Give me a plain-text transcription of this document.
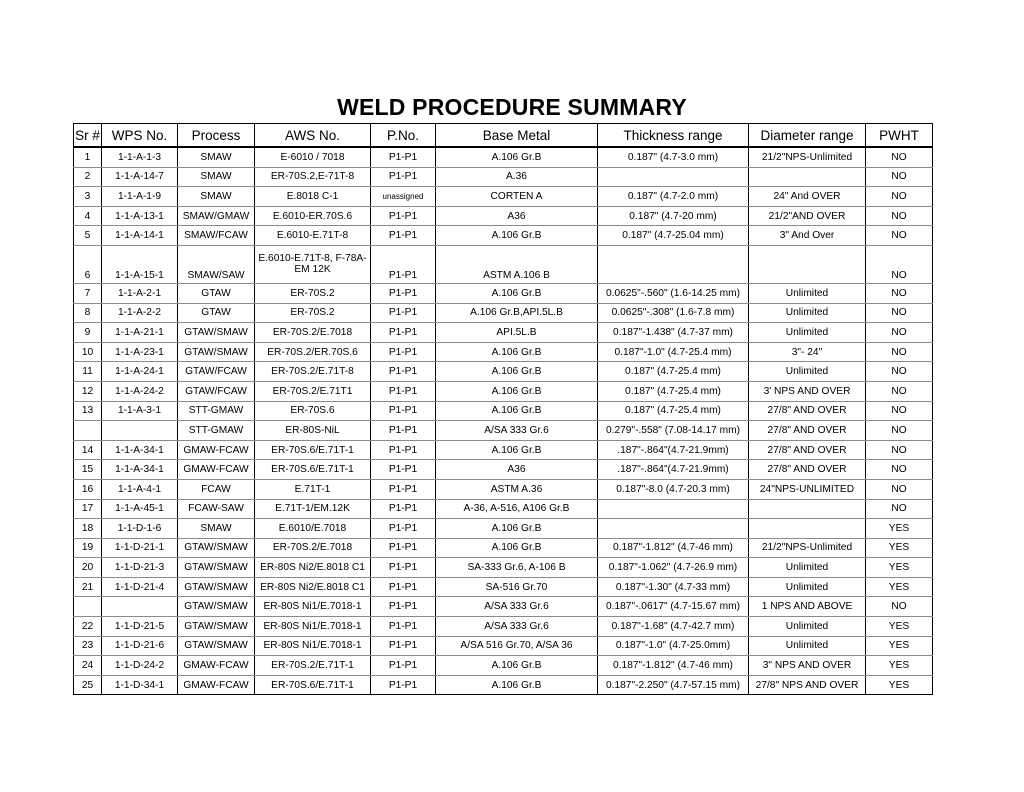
WELD PROCEDURE SUMMARY
Sr #	WPS No.	Process	AWS No.	P.No.	Base Metal	Thickness range	Diameter range	PWHT
1	1-1-A-1-3	SMAW	E-6010 / 7018	P1-P1	A.106 Gr.B	0.187" (4.7-3.0 mm)	21/2"NPS-Unlimited	NO
2	1-1-A-14-7	SMAW	ER-70S.2,E-71T-8	P1-P1	A.36			NO
3	1-1-A-1-9	SMAW	E.8018 C-1	unassigned	CORTEN A	0.187" (4.7-2.0 mm)	24" And OVER	NO
4	1-1-A-13-1	SMAW/GMAW	E.6010-ER.70S.6	P1-P1	A36	0.187" (4.7-20 mm)	21/2"AND OVER	NO
5	1-1-A-14-1	SMAW/FCAW	E.6010-E.71T-8	P1-P1	A.106 Gr.B	0.187" (4.7-25.04 mm)	3" And Over	NO
6	1-1-A-15-1	SMAW/SAW	E.6010-E.71T-8, F-78A-EM 12K	P1-P1	ASTM A.106 B			NO
7	1-1-A-2-1	GTAW	ER-70S.2	P1-P1	A.106 Gr.B	0.0625"-.560" (1.6-14.25 mm)	Unlimited	NO
8	1-1-A-2-2	GTAW	ER-70S.2	P1-P1	A.106 Gr.B,API.5L.B	0.0625"-.308" (1.6-7.8 mm)	Unlimited	NO
9	1-1-A-21-1	GTAW/SMAW	ER-70S.2/E.7018	P1-P1	API.5L.B	0.187"-1.438" (4.7-37 mm)	Unlimited	NO
10	1-1-A-23-1	GTAW/SMAW	ER-70S.2/ER.70S.6	P1-P1	A.106 Gr.B	0.187"-1.0" (4.7-25.4 mm)	3"- 24"	NO
11	1-1-A-24-1	GTAW/FCAW	ER-70S.2/E.71T-8	P1-P1	A.106 Gr.B	0.187" (4.7-25.4 mm)	Unlimited	NO
12	1-1-A-24-2	GTAW/FCAW	ER-70S.2/E.71T1	P1-P1	A.106 Gr.B	0.187" (4.7-25.4 mm)	3' NPS AND OVER	NO
13	1-1-A-3-1	STT-GMAW	ER-70S.6	P1-P1	A.106 Gr.B	0.187" (4.7-25.4 mm)	27/8" AND OVER	NO
		STT-GMAW	ER-80S-NiL	P1-P1	A/SA 333 Gr.6	0.279"-.558" (7.08-14.17 mm)	27/8" AND OVER	NO
14	1-1-A-34-1	GMAW-FCAW	ER-70S.6/E.71T-1	P1-P1	A.106 Gr.B	.187"-.864"(4.7-21.9mm)	27/8" AND OVER	NO
15	1-1-A-34-1	GMAW-FCAW	ER-70S.6/E.71T-1	P1-P1	A36	.187"-.864"(4.7-21.9mm)	27/8" AND OVER	NO
16	1-1-A-4-1	FCAW	E.71T-1	P1-P1	ASTM A.36	0.187"-8.0 (4.7-20.3 mm)	24"NPS-UNLIMITED	NO
17	1-1-A-45-1	FCAW-SAW	E.71T-1/EM.12K	P1-P1	A-36, A-516, A106 Gr.B			NO
18	1-1-D-1-6	SMAW	E.6010/E.7018	P1-P1	A.106 Gr.B			YES
19	1-1-D-21-1	GTAW/SMAW	ER-70S.2/E.7018	P1-P1	A.106 Gr.B	0.187"-1.812" (4.7-46 mm)	21/2"NPS-Unlimited	YES
20	1-1-D-21-3	GTAW/SMAW	ER-80S Ni2/E.8018 C1	P1-P1	SA-333 Gr.6, A-106 B	0.187"-1.062" (4.7-26.9 mm)	Unlimited	YES
21	1-1-D-21-4	GTAW/SMAW	ER-80S Ni2/E.8018 C1	P1-P1	SA-516 Gr.70	0.187"-1.30" (4.7-33 mm)	Unlimited	YES
		GTAW/SMAW	ER-80S Ni1/E.7018-1	P1-P1	A/SA 333 Gr.6	0.187"-.0617" (4.7-15.67 mm)	1 NPS AND ABOVE	NO
22	1-1-D-21-5	GTAW/SMAW	ER-80S Ni1/E.7018-1	P1-P1	A/SA 333 Gr.6	0.187"-1.68" (4.7-42.7 mm)	Unlimited	YES
23	1-1-D-21-6	GTAW/SMAW	ER-80S Ni1/E.7018-1	P1-P1	A/SA 516 Gr.70, A/SA 36	0.187"-1.0" (4.7-25.0mm)	Unlimited	YES
24	1-1-D-24-2	GMAW-FCAW	ER-70S.2/E.71T-1	P1-P1	A.106 Gr.B	0.187"-1.812" (4.7-46 mm)	3" NPS AND OVER	YES
25	1-1-D-34-1	GMAW-FCAW	ER-70S.6/E.71T-1	P1-P1	A.106 Gr.B	0.187"-2.250" (4.7-57.15 mm)	27/8" NPS AND OVER	YES
